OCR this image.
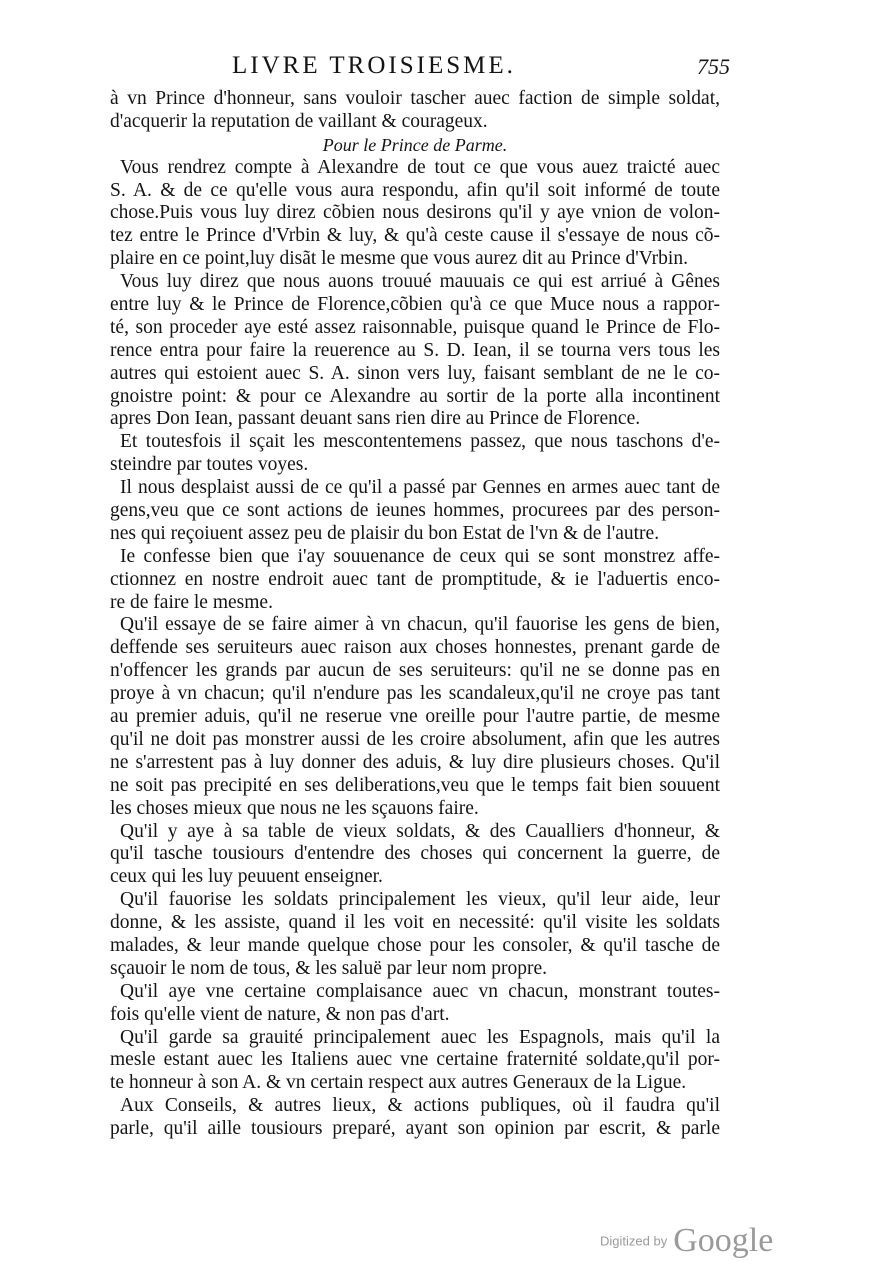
LIVRE TROISIESME.	755
à vn Prince d'honneur, sans vouloir tascher auec faction de simple soldat,
d'acquerir la reputation de vaillant & courageux.
Pour le Prince de Parme.
Vous rendrez compte à Alexandre de tout ce que vous auez traicté auec
S. A. & de ce qu'elle vous aura respondu, afin qu'il soit informé de toute
chose.Puis vous luy direz cõbien nous desirons qu'il y aye vnion de volon-
tez entre le Prince d'Vrbin & luy, & qu'à ceste cause il s'essaye de nous cõ-
plaire en ce point,luy disãt le mesme que vous aurez dit au Prince d'Vrbin.
Vous luy direz que nous auons trouué mauuais ce qui est arriué à Gênes
entre luy & le Prince de Florence,cõbien qu'à ce que Muce nous a rappor-
té, son proceder aye esté assez raisonnable, puisque quand le Prince de Flo-
rence entra pour faire la reuerence au S. D. Iean, il se tourna vers tous les
autres qui estoient auec S. A. sinon vers luy, faisant semblant de ne le co-
gnoistre point: & pour ce Alexandre au sortir de la porte alla incontinent
apres Don Iean, passant deuant sans rien dire au Prince de Florence.
Et toutesfois il sçait les mescontentemens passez, que nous taschons d'e-
steindre par toutes voyes.
Il nous desplaist aussi de ce qu'il a passé par Gennes en armes auec tant de
gens,veu que ce sont actions de ieunes hommes, procurees par des person-
nes qui reçoiuent assez peu de plaisir du bon Estat de l'vn & de l'autre.
Ie confesse bien que i'ay souuenance de ceux qui se sont monstrez affe-
ctionnez en nostre endroit auec tant de promptitude, & ie l'aduertis enco-
re de faire le mesme.
Qu'il essaye de se faire aimer à vn chacun, qu'il fauorise les gens de bien,
deffende ses seruiteurs auec raison aux choses honnestes, prenant garde de
n'offencer les grands par aucun de ses seruiteurs: qu'il ne se donne pas en
proye à vn chacun; qu'il n'endure pas les scandaleux,qu'il ne croye pas tant
au premier aduis, qu'il ne reserue vne oreille pour l'autre partie, de mesme
qu'il ne doit pas monstrer aussi de les croire absolument, afin que les autres
ne s'arrestent pas à luy donner des aduis, & luy dire plusieurs choses. Qu'il
ne soit pas precipité en ses deliberations,veu que le temps fait bien souuent
les choses mieux que nous ne les sçauons faire.
Qu'il y aye à sa table de vieux soldats, & des Caualliers d'honneur, &
qu'il tasche tousiours d'entendre des choses qui concernent la guerre, de
ceux qui les luy peuuent enseigner.
Qu'il fauorise les soldats principalement les vieux, qu'il leur aide, leur
donne, & les assiste, quand il les voit en necessité: qu'il visite les soldats
malades, & leur mande quelque chose pour les consoler, & qu'il tasche de
sçauoir le nom de tous, & les saluë par leur nom propre.
Qu'il aye vne certaine complaisance auec vn chacun, monstrant toutes-
fois qu'elle vient de nature, & non pas d'art.
Qu'il garde sa grauité principalement auec les Espagnols, mais qu'il la
mesle estant auec les Italiens auec vne certaine fraternité soldate,qu'il por-
te honneur à son A. & vn certain respect aux autres Generaux de la Ligue.
Aux Conseils, & autres lieux, & actions publiques, où il faudra qu'il
parle, qu'il aille tousiours preparé, ayant son opinion par escrit, & parle
Digitized by Google
